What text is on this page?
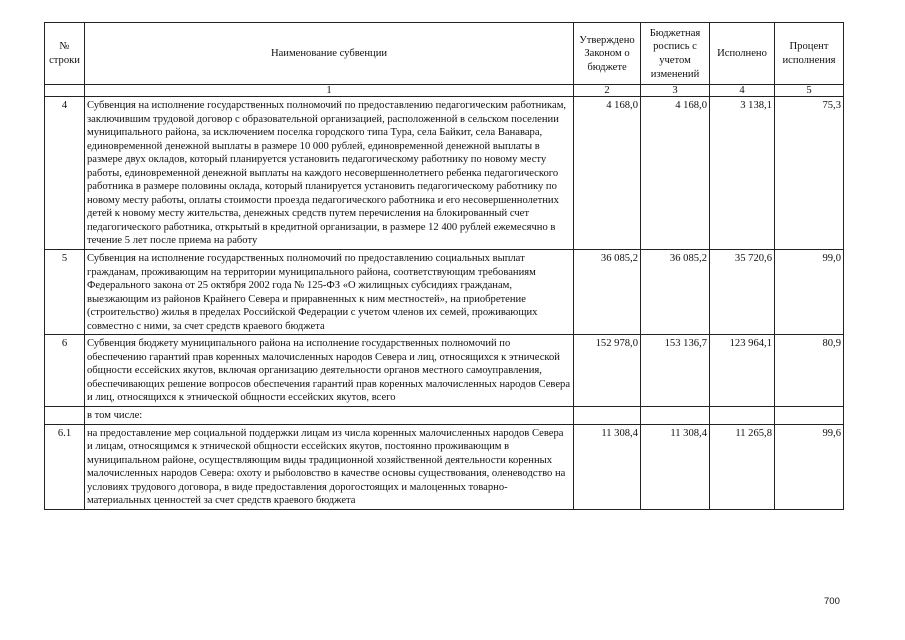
№ строки	Наименование субвенции	Утверждено Законом о бюджете	Бюджетная роспись с учетом изменений	Исполнено	Процент исполнения
	1	2	3	4	5
4	Субвенция на исполнение государственных полномочий по предоставлению педагогическим работникам, заключившим трудовой договор с образовательной организацией, расположенной в сельском поселении муниципального района, за исключением поселка городского типа Тура, села Байкит, села Ванавара, единовременной денежной выплаты в размере 10 000 рублей, единовременной денежной выплаты в размере двух окладов, который планируется установить педагогическому работнику по новому месту работы, единовременной денежной выплаты на каждого несовершеннолетнего ребенка педагогического работника в размере половины оклада, который планируется установить педагогическому работнику по новому месту работы, оплаты стоимости проезда педагогического работника и его несовершеннолетних детей к новому месту жительства, денежных средств путем перечисления на блокированный счет педагогического работника, открытый в кредитной организации, в размере 12 400 рублей ежемесячно в течение 5 лет после приема на работу	4 168,0	4 168,0	3 138,1	75,3
5	Субвенция на исполнение государственных полномочий по предоставлению социальных выплат гражданам, проживающим на территории муниципального района, соответствующим требованиям Федерального закона от 25 октября 2002 года № 125-ФЗ «О жилищных субсидиях гражданам, выезжающим из районов Крайнего Севера и приравненных к ним местностей», на приобретение (строительство) жилья в пределах Российской Федерации с учетом членов их семей, проживающих совместно с ними, за счет средств краевого бюджета	36 085,2	36 085,2	35 720,6	99,0
6	Субвенция бюджету муниципального района на исполнение государственных полномочий по обеспечению гарантий прав коренных малочисленных народов Севера и лиц, относящихся к этнической общности ессейских якутов, включая организацию деятельности органов местного самоуправления, обеспечивающих решение вопросов обеспечения гарантий прав коренных малочисленных народов Севера и лиц, относящихся к этнической общности ессейских якутов, всего	152 978,0	153 136,7	123 964,1	80,9
	в том числе:				
6.1	на предоставление мер социальной поддержки лицам из числа коренных малочисленных народов Севера и лицам, относящимся к этнической общности ессейских якутов, постоянно проживающим в муниципальном районе, осуществляющим виды традиционной хозяйственной деятельности коренных малочисленных народов Севера: охоту и рыболовство в качестве основы существования, оленеводство на условиях трудового договора, в виде предоставления дорогостоящих и малоценных товарно-материальных ценностей за счет средств краевого бюджета	11 308,4	11 308,4	11 265,8	99,6
700
